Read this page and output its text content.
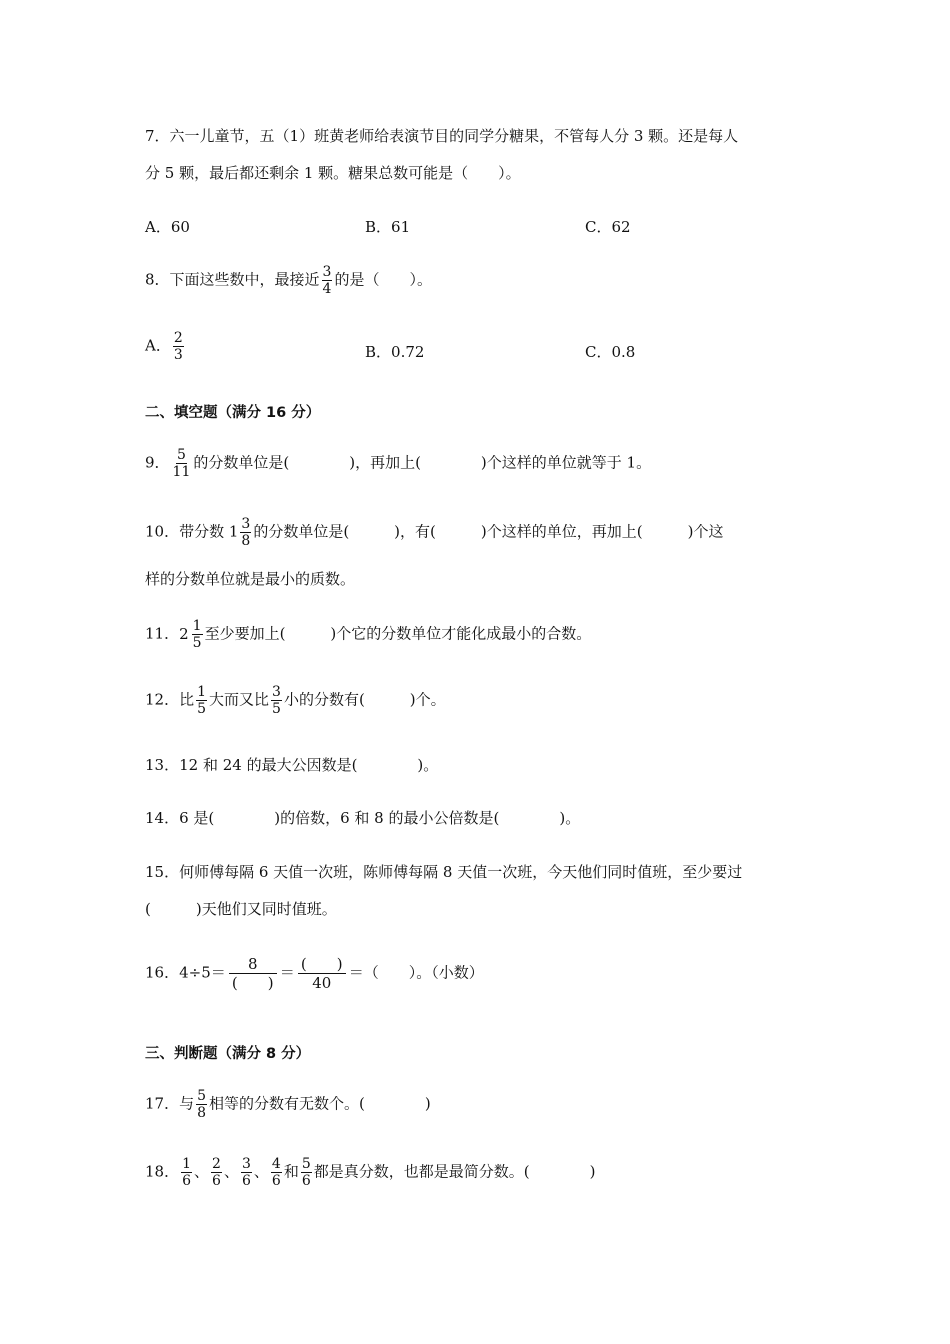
7．六一儿童节，五（1）班黄老师给表演节目的同学分糖果，不管每人分 3 颗。还是每人
分 5 颗，最后都还剩余 1 颗。糖果总数可能是（　　）。
A．60	B．61	C．62
8．下面这些数中，最接近 $\frac{3}{4}$ 的是（　　）。
A． $\frac{2}{3}$	B．0.72	C．0.8
二、填空题（满分 16 分）
9． $\frac{5}{11}$ 的分数单位是(　　　　)，再加上(　　　　)个这样的单位就等于 1。
10．带分数 $1 \frac{3}{8}$ 的分数单位是(　　　)，有(　　　)个这样的单位，再加上(　　　)个这
样的分数单位就是最小的质数。
11．$2 \frac{1}{5}$ 至少要加上(　　　)个它的分数单位才能化成最小的合数。
12．比 $\frac{1}{5}$ 大而又比 $\frac{3}{5}$ 小的分数有(　　　)个。
13．12 和 24 的最大公因数是(　　　　)。
14．6 是(　　　　)的倍数，6 和 8 的最小公倍数是(　　　　)。
15．何师傅每隔 6 天值一次班，陈师傅每隔 8 天值一次班，今天他们同时值班，至少要过
(　　　)天他们又同时值班。
16．4÷5＝	8
(　　)
＝ (　　)
40
＝（　　）。（小数）
三、判断题（满分 8 分）
17．与 $\frac{5}{8}$ 相等的分数有无数个。(　　　　)
18． $\frac{1}{6}$ 、 $\frac{2}{6}$ 、 $\frac{3}{6}$ 、 $\frac{4}{6}$ 和 $\frac{5}{6}$ 都是真分数，也都是最简分数。(　　　　)
